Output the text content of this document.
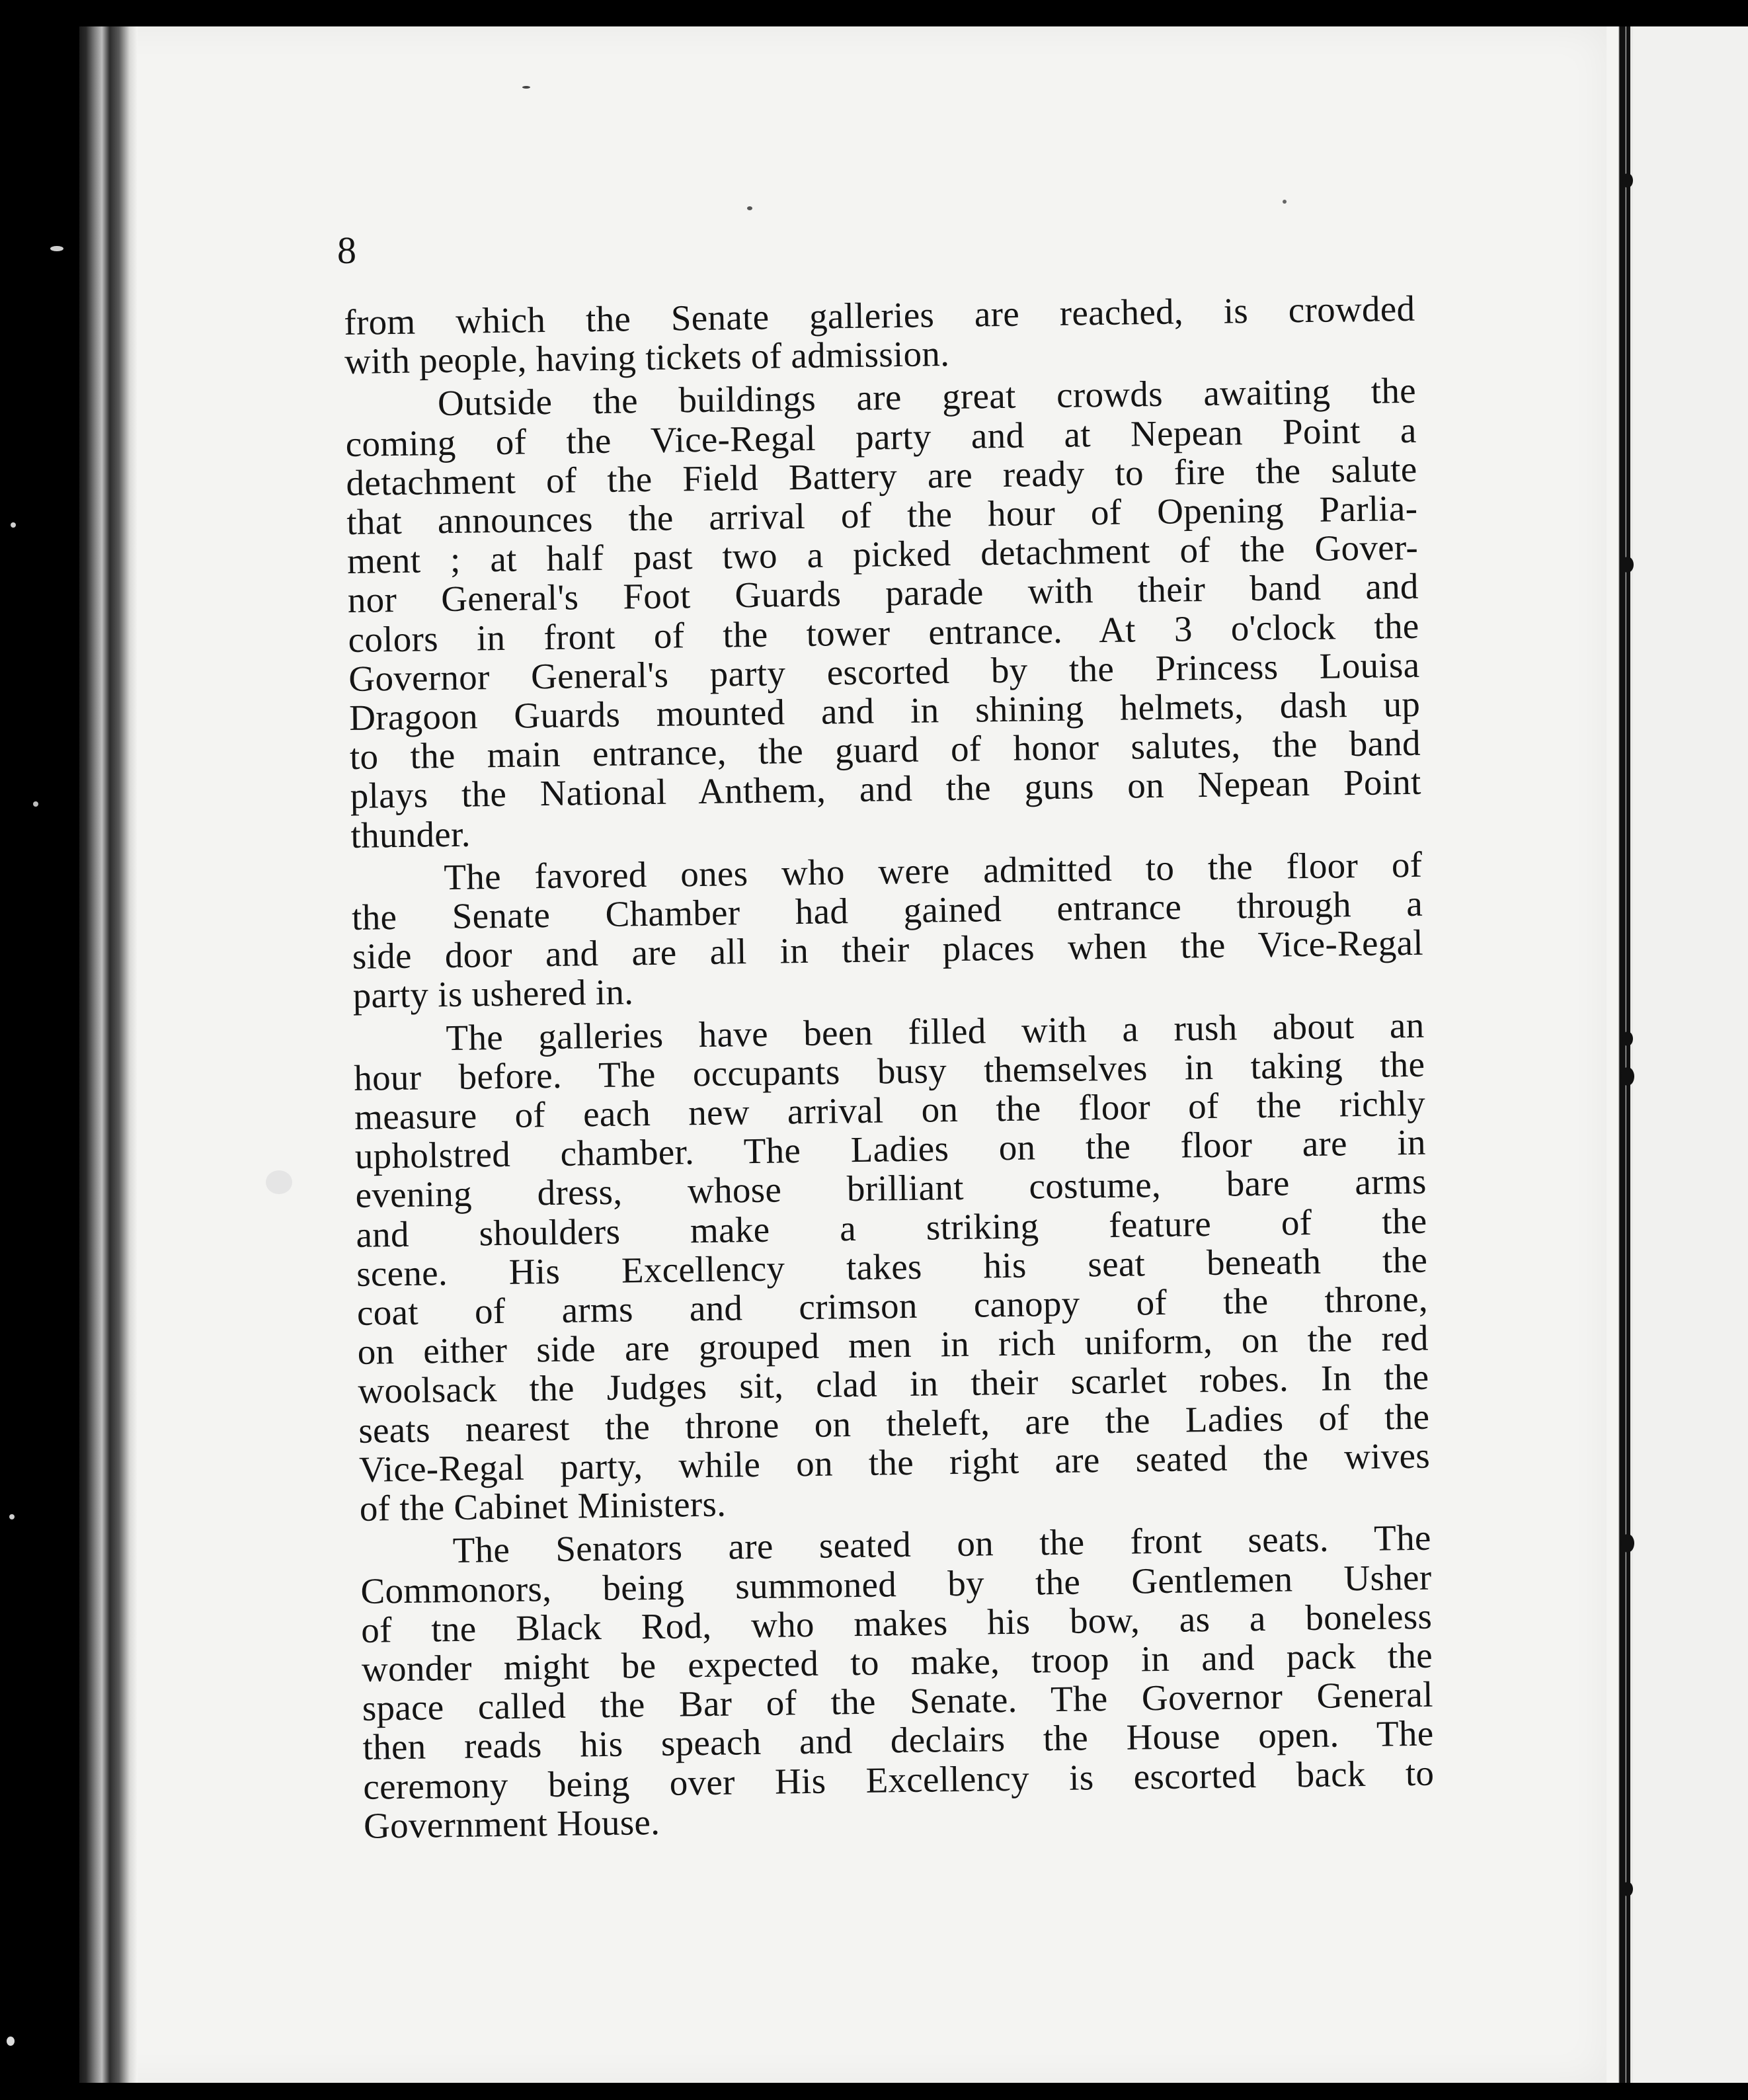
8
from which the Senate galleries are reached, is crowded
with people, having tickets of admission.
Outside the buildings are great crowds awaiting the
coming of the Vice-Regal party and at Nepean Point a
detachment of the Field Battery are ready to fire the salute
that announces the arrival of the hour of Opening Parlia-
ment ; at half past two a picked detachment of the Gover-
nor General's Foot Guards parade with their band and
colors in front of the tower entrance. At 3 o'clock the
Governor General's party escorted by the Princess Louisa
Dragoon Guards mounted and in shining helmets, dash up
to the main entrance, the guard of honor salutes, the band
plays the National Anthem, and the guns on Nepean Point
thunder.
The favored ones who were admitted to the floor of
the Senate Chamber had gained entrance through a
side door and are all in their places when the Vice-Regal
party is ushered in.
The galleries have been filled with a rush about an
hour before. The occupants busy themselves in taking the
measure of each new arrival on the floor of the richly
upholstred chamber. The Ladies on the floor are in
evening dress, whose brilliant costume, bare arms
and shoulders make a striking feature of the
scene. His Excellency takes his seat beneath the
coat of arms and crimson canopy of the throne,
on either side are grouped men in rich uniform, on the red
woolsack the Judges sit, clad in their scarlet robes. In the
seats nearest the throne on theleft, are the Ladies of the
Vice-Regal party, while on the right are seated the wives
of the Cabinet Ministers.
The Senators are seated on the front seats. The
Commonors, being summoned by the Gentlemen Usher
of tne Black Rod, who makes his bow, as a boneless
wonder might be expected to make, troop in and pack the
space called the Bar of the Senate. The Governor General
then reads his speach and declairs the House open. The
ceremony being over His Excellency is escorted back to
Government House.
